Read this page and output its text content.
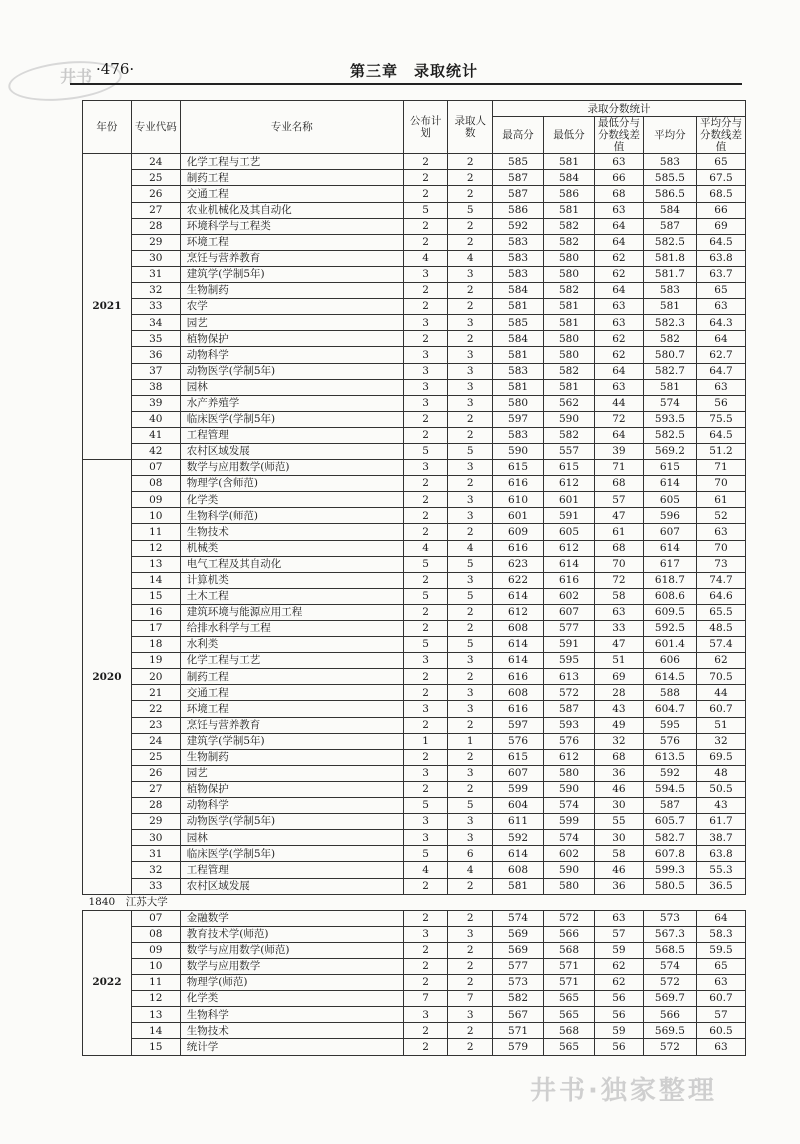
井书 ·476·	第三章　录取统计
年份	专业代码	专业名称	公布计划	录取人数	录取分数统计				
					最高分	最低分	最低分与分数线差值	平均分	平均分与分数线差值
2021	24	化学工程与工艺	2	2	585	581	63	583	65
	25	制药工程	2	2	587	584	66	585.5	67.5
	26	交通工程	2	2	587	586	68	586.5	68.5
	27	农业机械化及其自动化	5	5	586	581	63	584	66
	28	环境科学与工程类	2	2	592	582	64	587	69
	29	环境工程	2	2	583	582	64	582.5	64.5
	30	烹饪与营养教育	4	4	583	580	62	581.8	63.8
	31	建筑学(学制5年)	3	3	583	580	62	581.7	63.7
	32	生物制药	2	2	584	582	64	583	65
	33	农学	2	2	581	581	63	581	63
	34	园艺	3	3	585	581	63	582.3	64.3
	35	植物保护	2	2	584	580	62	582	64
	36	动物科学	3	3	581	580	62	580.7	62.7
	37	动物医学(学制5年)	3	3	583	582	64	582.7	64.7
	38	园林	3	3	581	581	63	581	63
	39	水产养殖学	3	3	580	562	44	574	56
	40	临床医学(学制5年)	2	2	597	590	72	593.5	75.5
	41	工程管理	2	2	583	582	64	582.5	64.5
	42	农村区域发展	5	5	590	557	39	569.2	51.2
2020	07	数学与应用数学(师范)	3	3	615	615	71	615	71
	08	物理学(含师范)	2	2	616	612	68	614	70
	09	化学类	2	3	610	601	57	605	61
	10	生物科学(师范)	2	3	601	591	47	596	52
	11	生物技术	2	2	609	605	61	607	63
	12	机械类	4	4	616	612	68	614	70
	13	电气工程及其自动化	5	5	623	614	70	617	73
	14	计算机类	2	3	622	616	72	618.7	74.7
	15	土木工程	5	5	614	602	58	608.6	64.6
	16	建筑环境与能源应用工程	2	2	612	607	63	609.5	65.5
	17	给排水科学与工程	2	2	608	577	33	592.5	48.5
	18	水利类	5	5	614	591	47	601.4	57.4
	19	化学工程与工艺	3	3	614	595	51	606	62
	20	制药工程	2	2	616	613	69	614.5	70.5
	21	交通工程	2	3	608	572	28	588	44
	22	环境工程	3	3	616	587	43	604.7	60.7
	23	烹饪与营养教育	2	2	597	593	49	595	51
	24	建筑学(学制5年)	1	1	576	576	32	576	32
	25	生物制药	2	2	615	612	68	613.5	69.5
	26	园艺	3	3	607	580	36	592	48
	27	植物保护	2	2	599	590	46	594.5	50.5
	28	动物科学	5	5	604	574	30	587	43
	29	动物医学(学制5年)	3	3	611	599	55	605.7	61.7
	30	园林	3	3	592	574	30	582.7	38.7
	31	临床医学(学制5年)	5	6	614	602	58	607.8	63.8
	32	工程管理	4	4	608	590	46	599.3	55.3
	33	农村区域发展	2	2	581	580	36	580.5	36.5
1840　江苏大学									
2022	07	金融数学	2	2	574	572	63	573	64
	08	教育技术学(师范)	3	3	569	566	57	567.3	58.3
	09	数学与应用数学(师范)	2	2	569	568	59	568.5	59.5
	10	数学与应用数学	2	2	577	571	62	574	65
	11	物理学(师范)	2	2	573	571	62	572	63
	12	化学类	7	7	582	565	56	569.7	60.7
	13	生物科学	3	3	567	565	56	566	57
	14	生物技术	2	2	571	568	59	569.5	60.5
	15	统计学	2	2	579	565	56	572	63
井书·独家整理
